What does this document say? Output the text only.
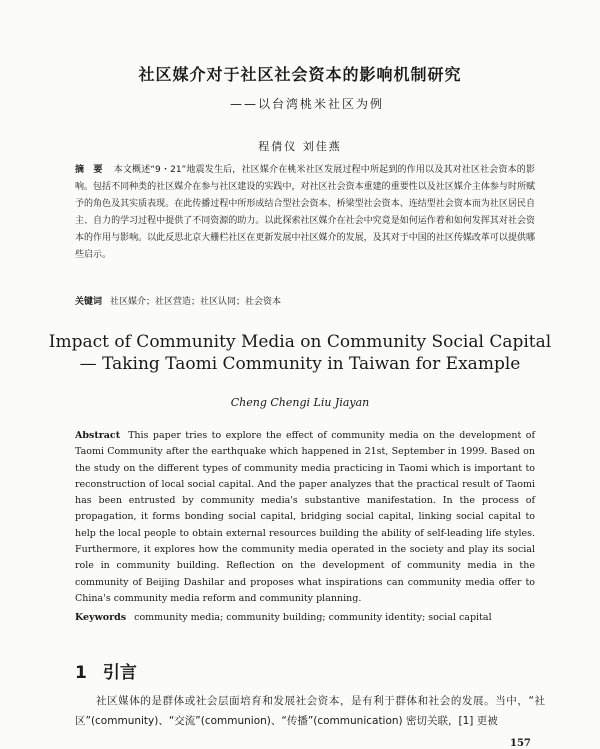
社区媒介对于社区社会资本的影响机制研究
——以台湾桃米社区为例
程倩仪 刘佳燕
摘 要 本文概述“9・21”地震发生后，社区媒介在桃米社区发展过程中所起到的作用以及其对社区社会资本的影响。包括不同种类的社区媒介在参与社区建设的实践中，对社区社会资本重建的重要性以及社区媒介主体参与时所赋予的角色及其实质表现。在此传播过程中所形成结合型社会资本、桥梁型社会资本、连结型社会资本而为社区居民自主、自力的学习过程中提供了不同资源的助力。以此探索社区媒介在社会中究竟是如何运作着和如何发挥其对社会资本的作用与影响。以此反思北京大栅栏社区在更新发展中社区媒介的发展，及其对于中国的社区传媒改革可以提供哪些启示。
关键词 社区媒介；社区营造；社区认同；社会资本
Impact of Community Media on Community Social Capital
— Taking Taomi Community in Taiwan for Example
Cheng Chengi Liu Jiayan
Abstract This paper tries to explore the effect of community media on the development of Taomi Community after the earthquake which happened in 21st, September in 1999. Based on the study on the different types of community media practicing in Taomi which is important to reconstruction of local social capital. And the paper analyzes that the practical result of Taomi has been entrusted by community media's substantive manifestation. In the process of propagation, it forms bonding social capital, bridging social capital, linking social capital to help the local people to obtain external resources building the ability of self-leading life styles. Furthermore, it explores how the community media operated in the society and play its social role in community building. Reflection on the development of community media in the community of Beijing Dashilar and proposes what inspirations can community media offer to China's community media reform and community planning.
Keywords community media; community building; community identity; social capital
1 引言
社区媒体的是群体或社会层面培育和发展社会资本，是有利于群体和社会的发展。当中，“社区”(community)、“交流”(communion)、“传播”(communication) 密切关联，[1] 更被
157
